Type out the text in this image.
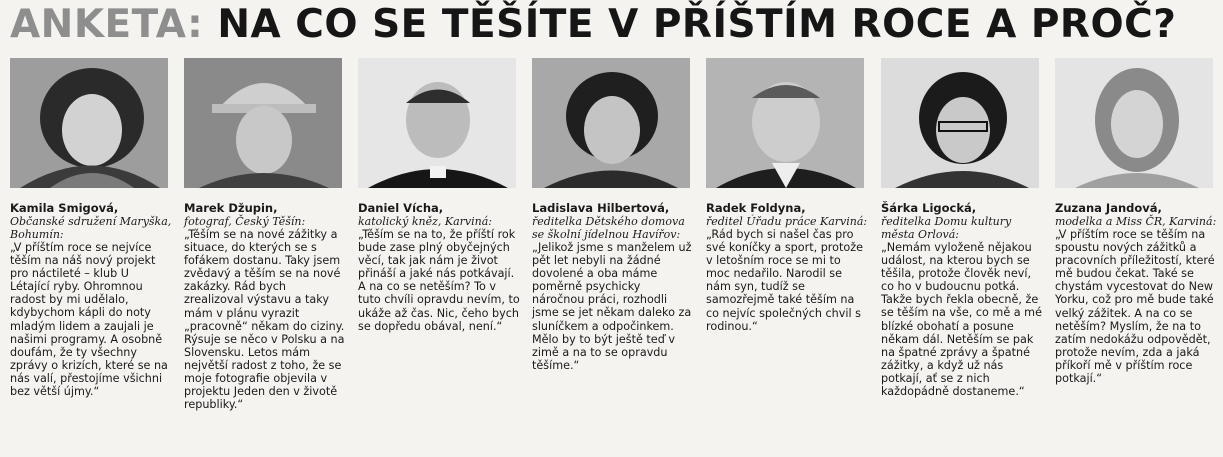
ANKETA: NA CO SE TĚŠÍTE V PŘÍŠTÍM ROCE A PROČ?
Kamila Smigová,
Občanské sdružení Maryška, Bohumín:
„V příštím roce se nejvíce těším na náš nový projekt pro náctileté – klub U Létající ryby. Ohromnou radost by mi udělalo, kdybychom kápli do noty mladým lidem a zaujali je našimi programy. A osobně doufám, že ty všechny zprávy o krizích, které se na nás valí, přestojíme všichni bez větší újmy.“
Marek Džupin,
fotograf, Český Těšín:
„Těším se na nové zážitky a situace, do kterých se s fofákem dostanu. Taky jsem zvědavý a těším se na nové zakázky. Rád bych zrealizoval výstavu a taky mám v plánu vyrazit „pracovně“ někam do ciziny. Rýsuje se něco v Polsku a na Slovensku. Letos mám největší radost z toho, že se moje fotografie objevila v projektu Jeden den v životě republiky.“
Daniel Vícha,
katolický kněz, Karviná:
„Těším se na to, že příští rok bude zase plný obyčejných věcí, tak jak nám je život přináší a jaké nás potkávají. A na co se netěším? To v tuto chvíli opravdu nevím, to ukáže až čas. Nic, čeho bych se dopředu obával, není.“
Ladislava Hilbertová,
ředitelka Dětského domova se školní jídelnou Havířov:
„Jelikož jsme s manželem už pět let nebyli na žádné dovolené a oba máme poměrně psychicky náročnou práci, rozhodli jsme se jet někam daleko za sluníčkem a odpočinkem. Mělo by to být ještě teď v zimě a na to se opravdu těšíme.“
Radek Foldyna,
ředitel Úřadu práce Karviná:
„Rád bych si našel čas pro své koníčky a sport, protože v letošním roce se mi to moc nedařilo. Narodil se nám syn, tudíž se samozřejmě také těším na co nejvíc společných chvil s rodinou.“
Šárka Ligocká,
ředitelka Domu kultury města Orlová:
„Nemám vyloženě nějakou událost, na kterou bych se těšila, protože člověk neví, co ho v budoucnu potká. Takže bych řekla obecně, že se těším na vše, co mě a mé blízké obohatí a posune někam dál. Netěším se pak na špatné zprávy a špatné zážitky, a když už nás potkají, ať se z nich každopádně dostaneme.“
Zuzana Jandová,
modelka a Miss ČR, Karviná:
„V příštím roce se těším na spoustu nových zážitků a pracovních příležitostí, které mě budou čekat. Také se chystám vycestovat do New Yorku, což pro mě bude také velký zážitek. A na co se netěším? Myslím, že na to zatím nedokážu odpovědět, protože nevím, zda a jaká příkoří mě v příštím roce potkají.“
